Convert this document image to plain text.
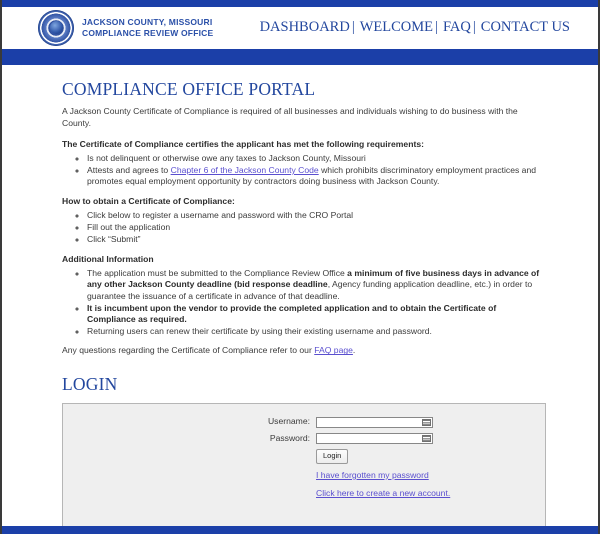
JACKSON COUNTY, MISSOURI
COMPLIANCE REVIEW OFFICE	DASHBOARD | WELCOME | FAQ | CONTACT US
COMPLIANCE OFFICE PORTAL

A Jackson County Certificate of Compliance is required of all businesses and individuals wishing to do business with the County.

The Certificate of Compliance certifies the applicant has met the following requirements:
◦ Is not delinquent or otherwise owe any taxes to Jackson County, Missouri
◦ Attests and agrees to Chapter 6 of the Jackson County Code which prohibits discriminatory employment practices and promotes equal employment opportunity by contractors doing business with Jackson County.
How to obtain a Certificate of Compliance:
◦ Click below to register a username and password with the CRO Portal
◦ Fill out the application
◦ Click “Submit”
Additional Information
◦ The application must be submitted to the Compliance Review Office a minimum of five business days in advance of any other Jackson County deadline (bid response deadline, Agency funding application deadline, etc.) in order to guarantee the issuance of a certificate in advance of that deadline.
◦ It is incumbent upon the vendor to provide the completed application and to obtain the Certificate of Compliance as required.
◦ Returning users can renew their certificate by using their existing username and password.

Any questions regarding the Certificate of Compliance refer to our FAQ page.

LOGIN
Username:
Password:
Login
I have forgotten my password
Click here to create a new account.
